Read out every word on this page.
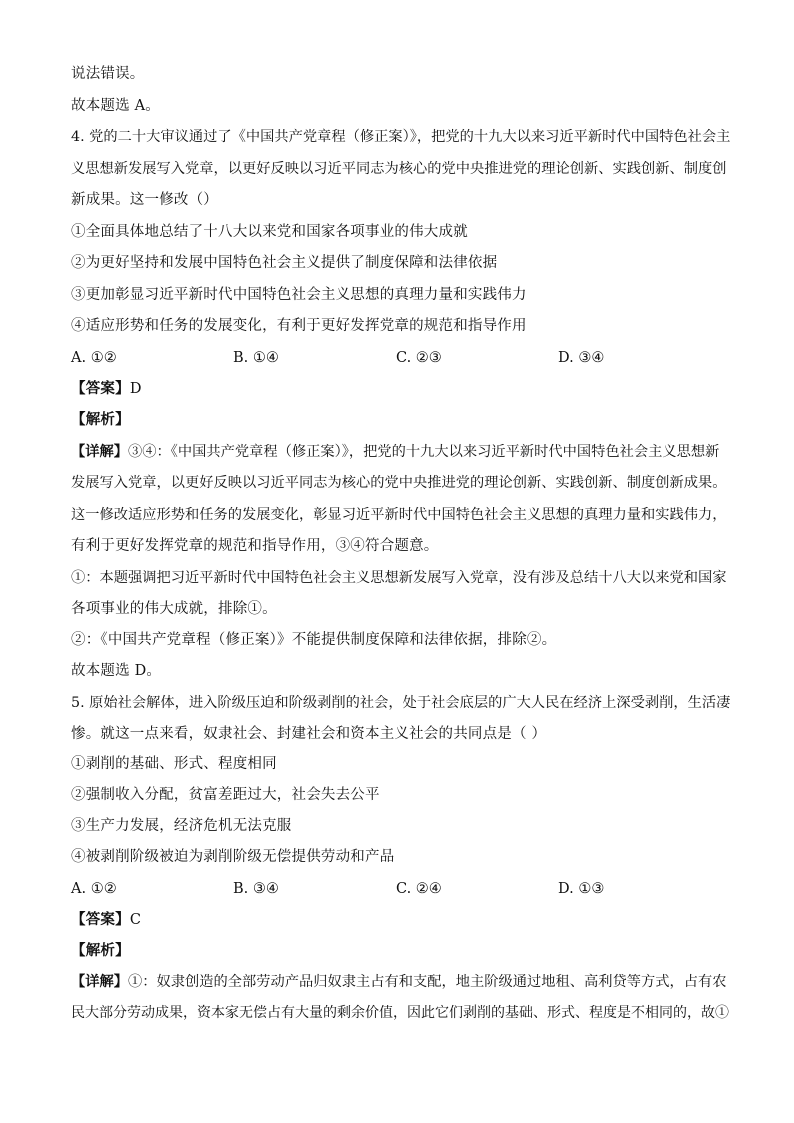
说法错误。
故本题选 A。
4. 党的二十大审议通过了《中国共产党章程（修正案）》，把党的十九大以来习近平新时代中国特色社会主
义思想新发展写入党章，以更好反映以习近平同志为核心的党中央推进党的理论创新、实践创新、制度创
新成果。这一修改（）
①全面具体地总结了十八大以来党和国家各项事业的伟大成就
②为更好坚持和发展中国特色社会主义提供了制度保障和法律依据
③更加彰显习近平新时代中国特色社会主义思想的真理力量和实践伟力
④适应形势和任务的发展变化，有利于更好发挥党章的规范和指导作用
A. ①②	B. ①④	C. ②③	D. ③④
【答案】D
【解析】
【详解】③④：《中国共产党章程（修正案）》，把党的十九大以来习近平新时代中国特色社会主义思想新
发展写入党章，以更好反映以习近平同志为核心的党中央推进党的理论创新、实践创新、制度创新成果。
这一修改适应形势和任务的发展变化，彰显习近平新时代中国特色社会主义思想的真理力量和实践伟力，
有利于更好发挥党章的规范和指导作用，③④符合题意。
①：本题强调把习近平新时代中国特色社会主义思想新发展写入党章，没有涉及总结十八大以来党和国家
各项事业的伟大成就，排除①。
②：《中国共产党章程（修正案）》不能提供制度保障和法律依据，排除②。
故本题选 D。
5. 原始社会解体，进入阶级压迫和阶级剥削的社会，处于社会底层的广大人民在经济上深受剥削，生活凄
惨。就这一点来看，奴隶社会、封建社会和资本主义社会的共同点是（ ）
①剥削的基础、形式、程度相同
②强制收入分配，贫富差距过大，社会失去公平
③生产力发展，经济危机无法克服
④被剥削阶级被迫为剥削阶级无偿提供劳动和产品
A. ①②	B. ③④	C. ②④	D. ①③
【答案】C
【解析】
【详解】①：奴隶创造的全部劳动产品归奴隶主占有和支配，地主阶级通过地租、高利贷等方式，占有农
民大部分劳动成果，资本家无偿占有大量的剩余价值，因此它们剥削的基础、形式、程度是不相同的，故①
